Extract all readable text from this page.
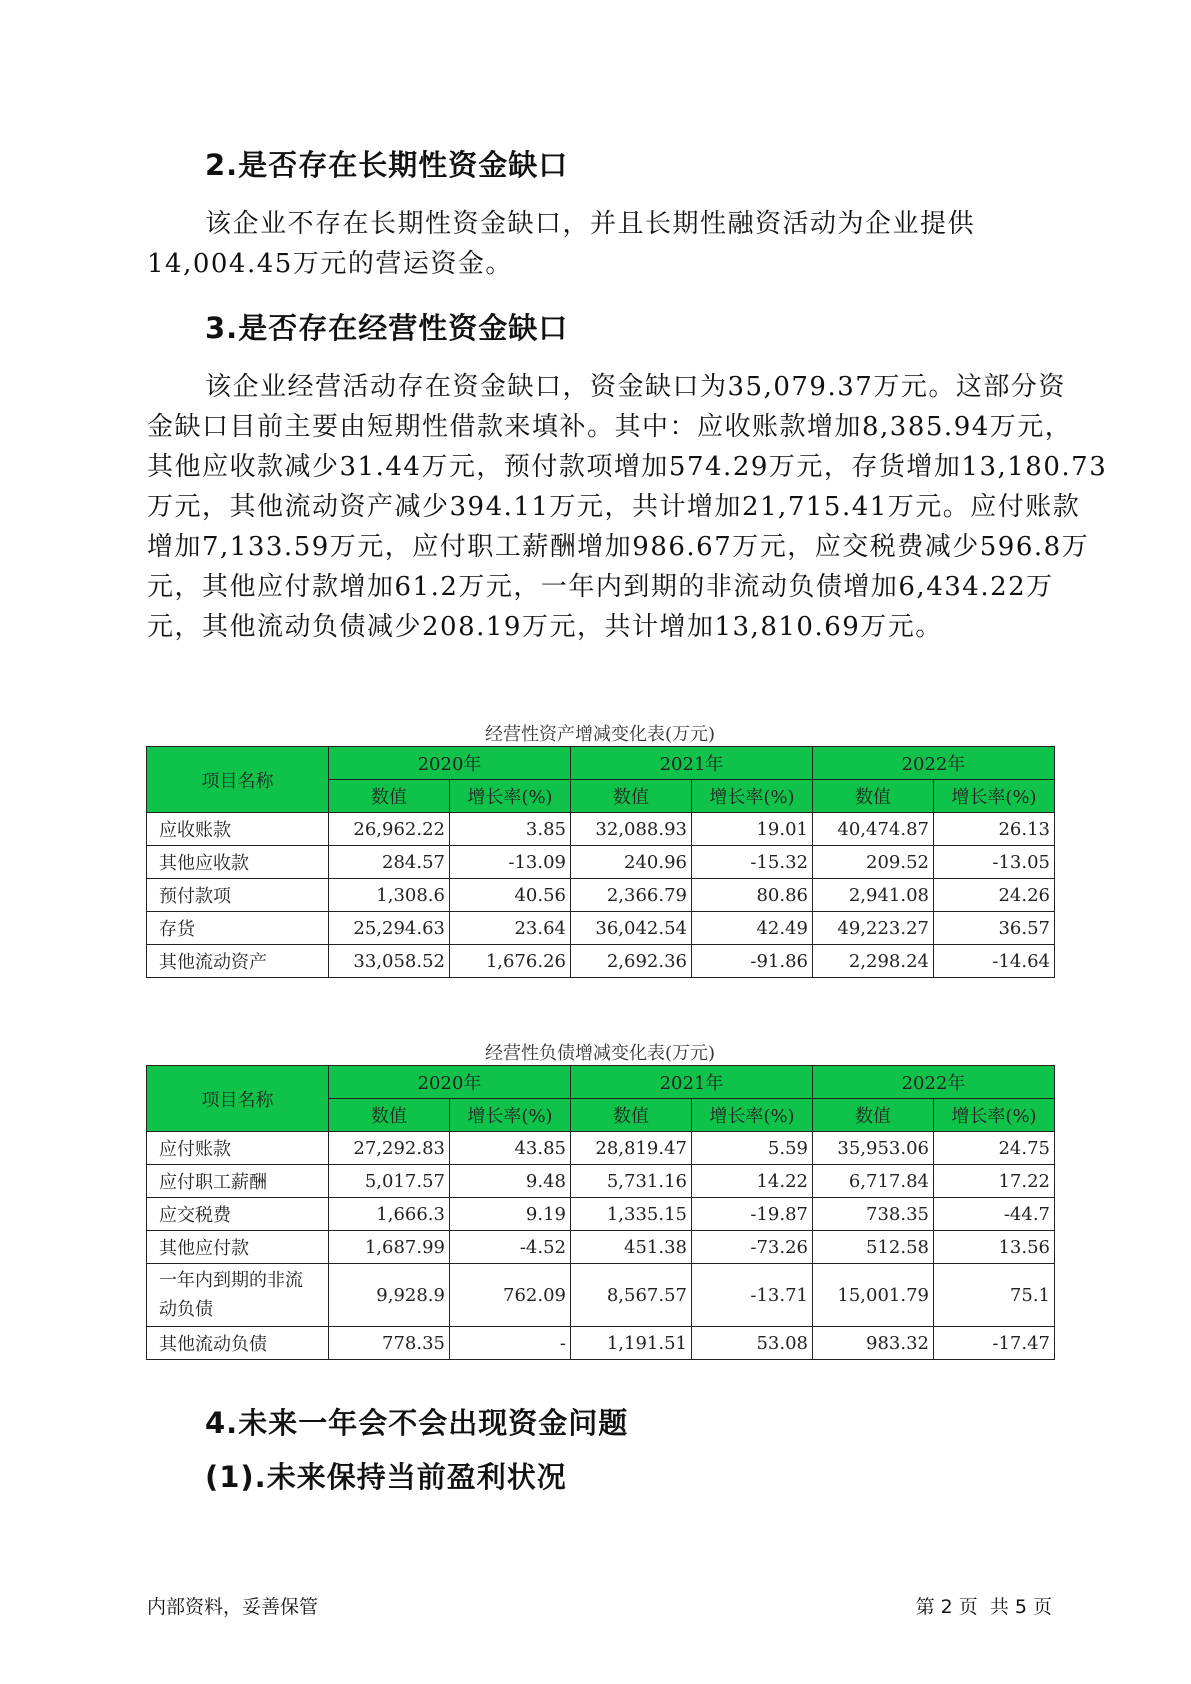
2.是否存在长期性资金缺口
该企业不存在长期性资金缺口，并且长期性融资活动为企业提供
14,004.45万元的营运资金。
3.是否存在经营性资金缺口
该企业经营活动存在资金缺口，资金缺口为35,079.37万元。这部分资
金缺口目前主要由短期性借款来填补。其中：应收账款增加8,385.94万元，
其他应收款减少31.44万元，预付款项增加574.29万元，存货增加13,180.73
万元，其他流动资产减少394.11万元，共计增加21,715.41万元。应付账款
增加7,133.59万元，应付职工薪酬增加986.67万元，应交税费减少596.8万
元，其他应付款增加61.2万元，一年内到期的非流动负债增加6,434.22万
元，其他流动负债减少208.19万元，共计增加13,810.69万元。
经营性资产增减变化表(万元)
项目名称	2020年		2021年		2022年	
	数值	增长率(%)	数值	增长率(%)	数值	增长率(%)
应收账款	26,962.22	3.85	32,088.93	19.01	40,474.87	26.13
其他应收款	284.57	-13.09	240.96	-15.32	209.52	-13.05
预付款项	1,308.6	40.56	2,366.79	80.86	2,941.08	24.26
存货	25,294.63	23.64	36,042.54	42.49	49,223.27	36.57
其他流动资产	33,058.52	1,676.26	2,692.36	-91.86	2,298.24	-14.64
经营性负债增减变化表(万元)
项目名称	2020年		2021年		2022年	
	数值	增长率(%)	数值	增长率(%)	数值	增长率(%)
应付账款	27,292.83	43.85	28,819.47	5.59	35,953.06	24.75
应付职工薪酬	5,017.57	9.48	5,731.16	14.22	6,717.84	17.22
应交税费	1,666.3	9.19	1,335.15	-19.87	738.35	-44.7
其他应付款	1,687.99	-4.52	451.38	-73.26	512.58	13.56
一年内到期的非流
动负债	9,928.9	762.09	8,567.57	-13.71	15,001.79	75.1
其他流动负债	778.35	-	1,191.51	53.08	983.32	-17.47
4.未来一年会不会出现资金问题
(1).未来保持当前盈利状况
内部资料，妥善保管	第 2 页  共 5 页
